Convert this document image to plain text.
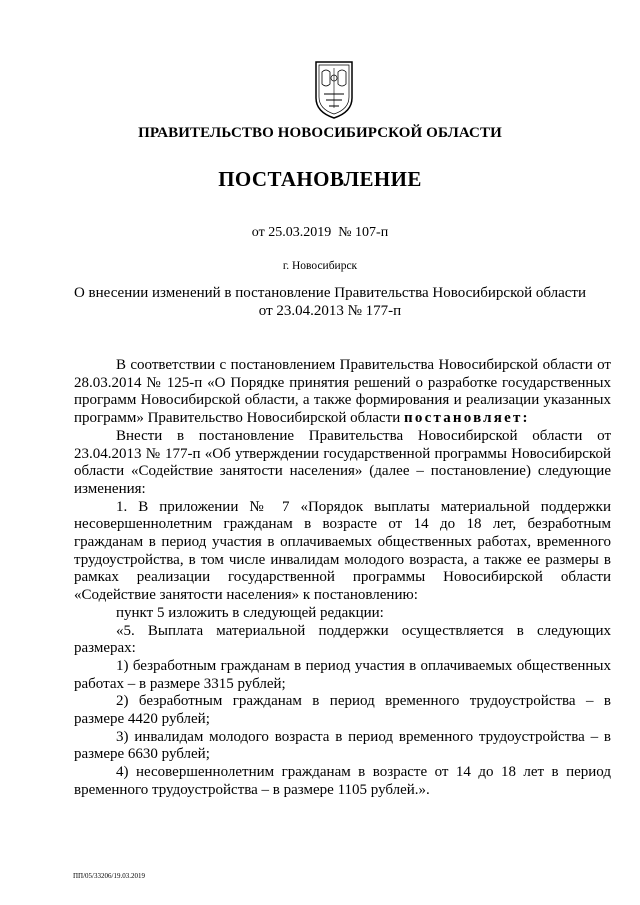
ПРАВИТЕЛЬСТВО НОВОСИБИРСКОЙ ОБЛАСТИ
ПОСТАНОВЛЕНИЕ
от 25.03.2019  № 107-п
г. Новосибирск
О внесении изменений в постановление Правительства Новосибирской области
от 23.04.2013 № 177-п

В соответствии с постановлением Правительства Новосибирской области от 28.03.2014 № 125-п «О Порядке принятия решений о разработке государственных программ Новосибирской области, а также формирования и реализации указанных программ» Правительство Новосибирской области постановляет:

Внести в постановление Правительства Новосибирской области от 23.04.2013 № 177-п «Об утверждении государственной программы Новосибирской области «Содействие занятости населения» (далее – постановление) следующие изменения:

1. В приложении № 7 «Порядок выплаты материальной поддержки несовершеннолетним гражданам в возрасте от 14 до 18 лет, безработным гражданам в период участия в оплачиваемых общественных работах, временного трудоустройства, в том числе инвалидам молодого возраста, а также ее размеры в рамках реализации государственной программы Новосибирской области «Содействие занятости населения» к постановлению:

пункт 5 изложить в следующей редакции:

«5. Выплата материальной поддержки осуществляется в следующих размерах:

1) безработным гражданам в период участия в оплачиваемых общественных работах – в размере 3315 рублей;

2) безработным гражданам в период временного трудоустройства – в размере 4420 рублей;

3) инвалидам молодого возраста в период временного трудоустройства – в размере 6630 рублей;

4) несовершеннолетним гражданам в возрасте от 14 до 18 лет в период временного трудоустройства – в размере 1105 рублей.».

ПП/05/33206/19.03.2019
